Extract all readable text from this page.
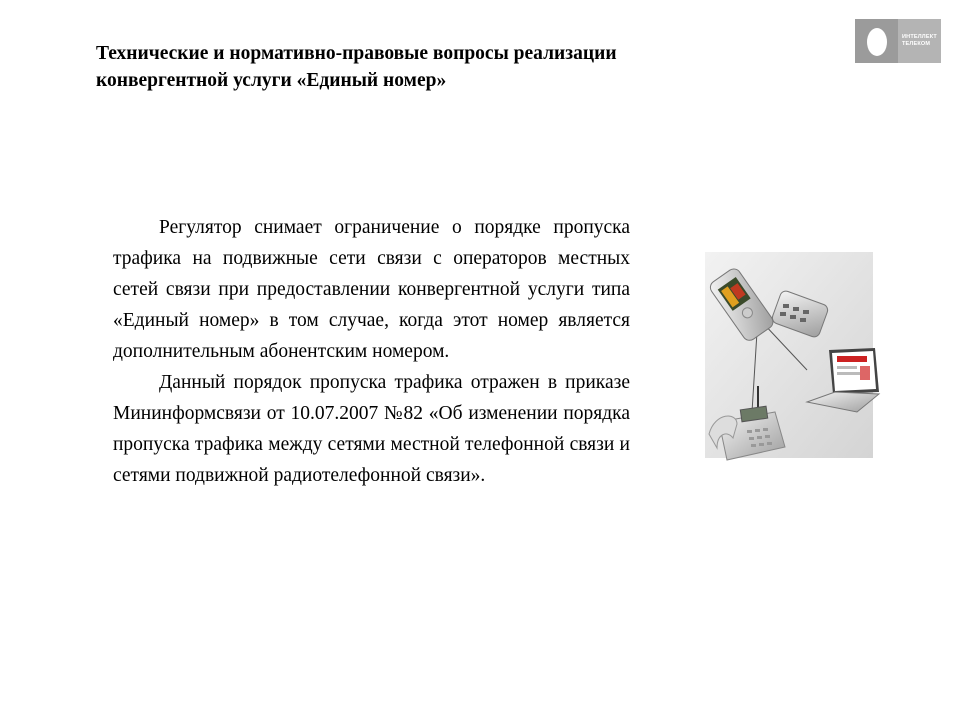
Технические и нормативно-правовые вопросы реализации
конвергентной услуги «Единый номер»
ИНТЕЛЛЕКТ
ТЕЛЕКОМ

Регулятор снимает ограничение о порядке пропуска трафика на подвижные сети связи с операторов местных сетей связи при предоставлении конвергентной услуги типа «Единый номер» в том случае, когда этот номер является дополнительным абонентским номером.

Данный порядок пропуска трафика отражен в приказе Мининформсвязи от 10.07.2007 №82 «Об изменении порядка пропуска трафика между сетями местной телефонной связи и сетями подвижной радиотелефонной связи».
